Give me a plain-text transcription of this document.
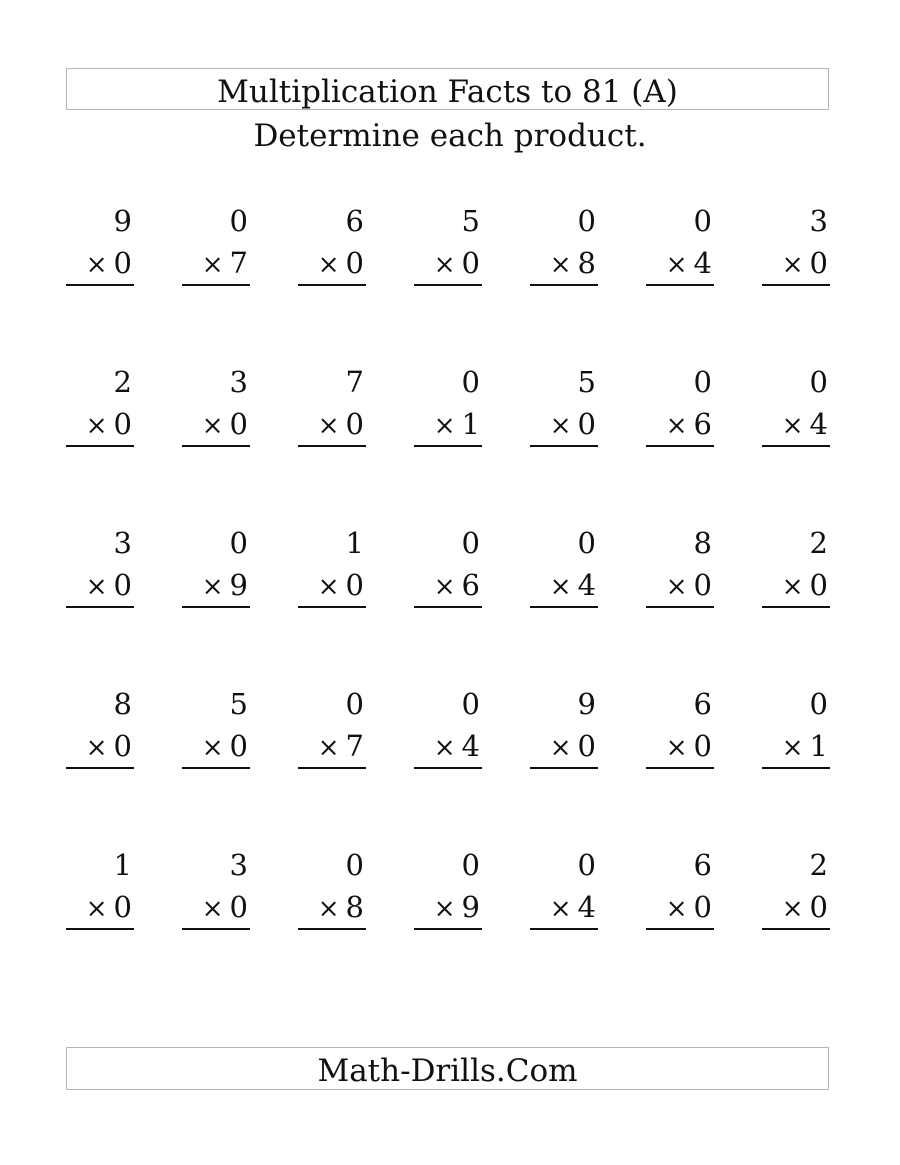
Multiplication Facts to 81 (A)
Determine each product.
9
× 0
0
× 7
6
× 0
5
× 0
0
× 8
0
× 4
3
× 0
2
× 0
3
× 0
7
× 0
0
× 1
5
× 0
0
× 6
0
× 4
3
× 0
0
× 9
1
× 0
0
× 6
0
× 4
8
× 0
2
× 0
8
× 0
5
× 0
0
× 7
0
× 4
9
× 0
6
× 0
0
× 1
1
× 0
3
× 0
0
× 8
0
× 9
0
× 4
6
× 0
2
× 0
Math-Drills.Com
